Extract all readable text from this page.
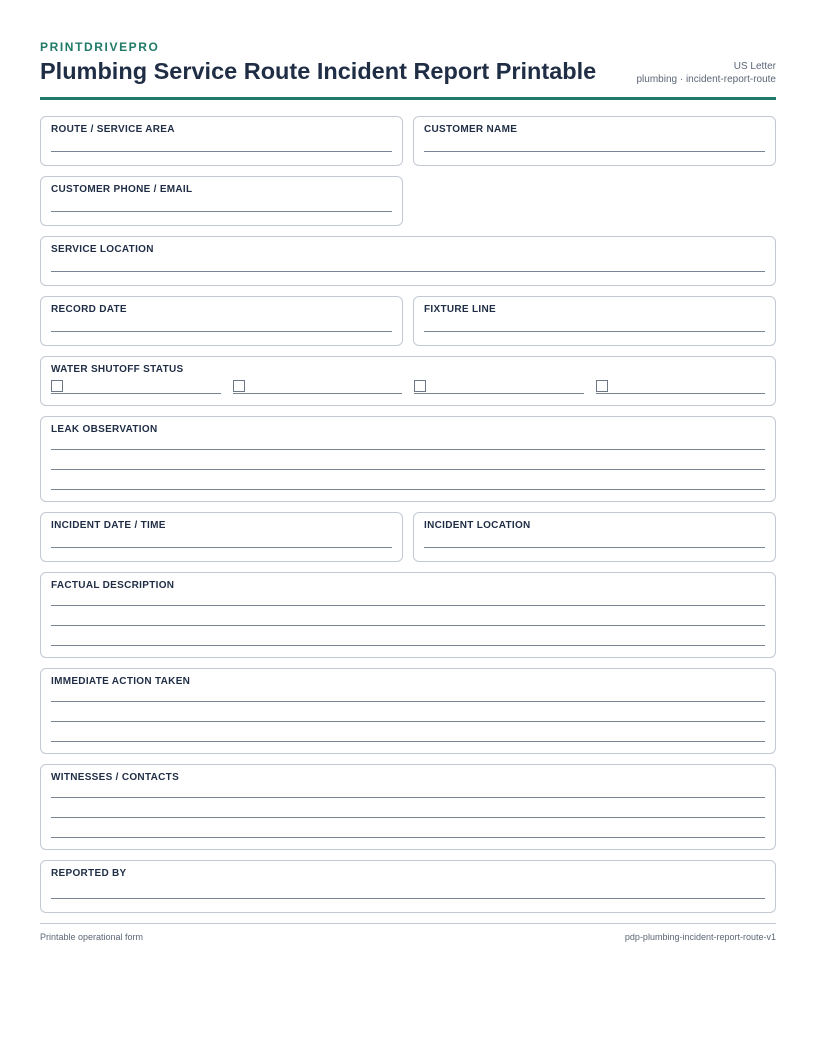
PRINTDRIVEPRO
Plumbing Service Route Incident Report Printable	US Letter
plumbing · incident-report-route
ROUTE / SERVICE AREA	CUSTOMER NAME
CUSTOMER PHONE / EMAIL
SERVICE LOCATION
RECORD DATE	FIXTURE LINE
WATER SHUTOFF STATUS
LEAK OBSERVATION
INCIDENT DATE / TIME	INCIDENT LOCATION
FACTUAL DESCRIPTION
IMMEDIATE ACTION TAKEN
WITNESSES / CONTACTS
REPORTED BY
Printable operational form	pdp-plumbing-incident-report-route-v1
